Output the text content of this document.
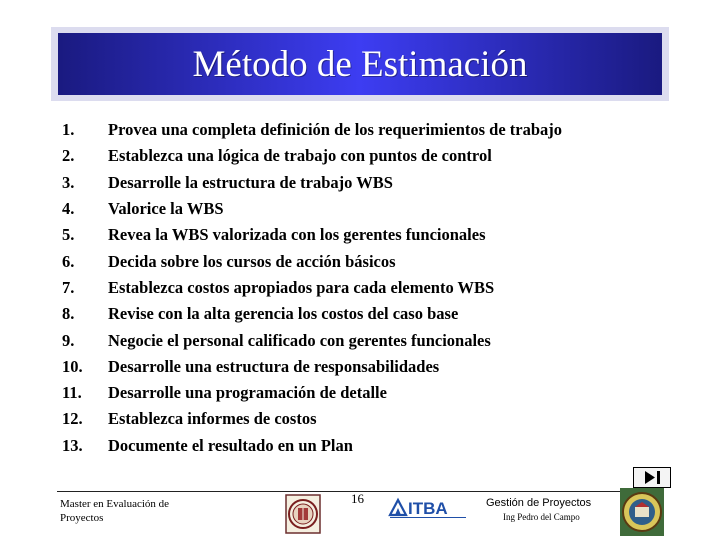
Método de Estimación
1.	Provea una completa definición de los requerimientos de trabajo
2.	Establezca una lógica de trabajo con puntos de control
3.	Desarrolle la estructura de trabajo WBS
4.	Valorice la WBS
5.	Revea la WBS valorizada con los gerentes funcionales
6.	Decida sobre los cursos de acción básicos
7.	Establezca costos apropiados para cada elemento WBS
8.	Revise con la alta gerencia los costos del caso base
9.	Negocie el personal calificado con gerentes funcionales
10.	Desarrolle una estructura de responsabilidades
11.	Desarrolle una programación de detalle
12.	Establezca informes de costos
13.	Documente el resultado en un Plan
Master en Evaluación de
Proyectos
16
ITBA	Gestión de Proyectos
Ing Pedro del Campo
